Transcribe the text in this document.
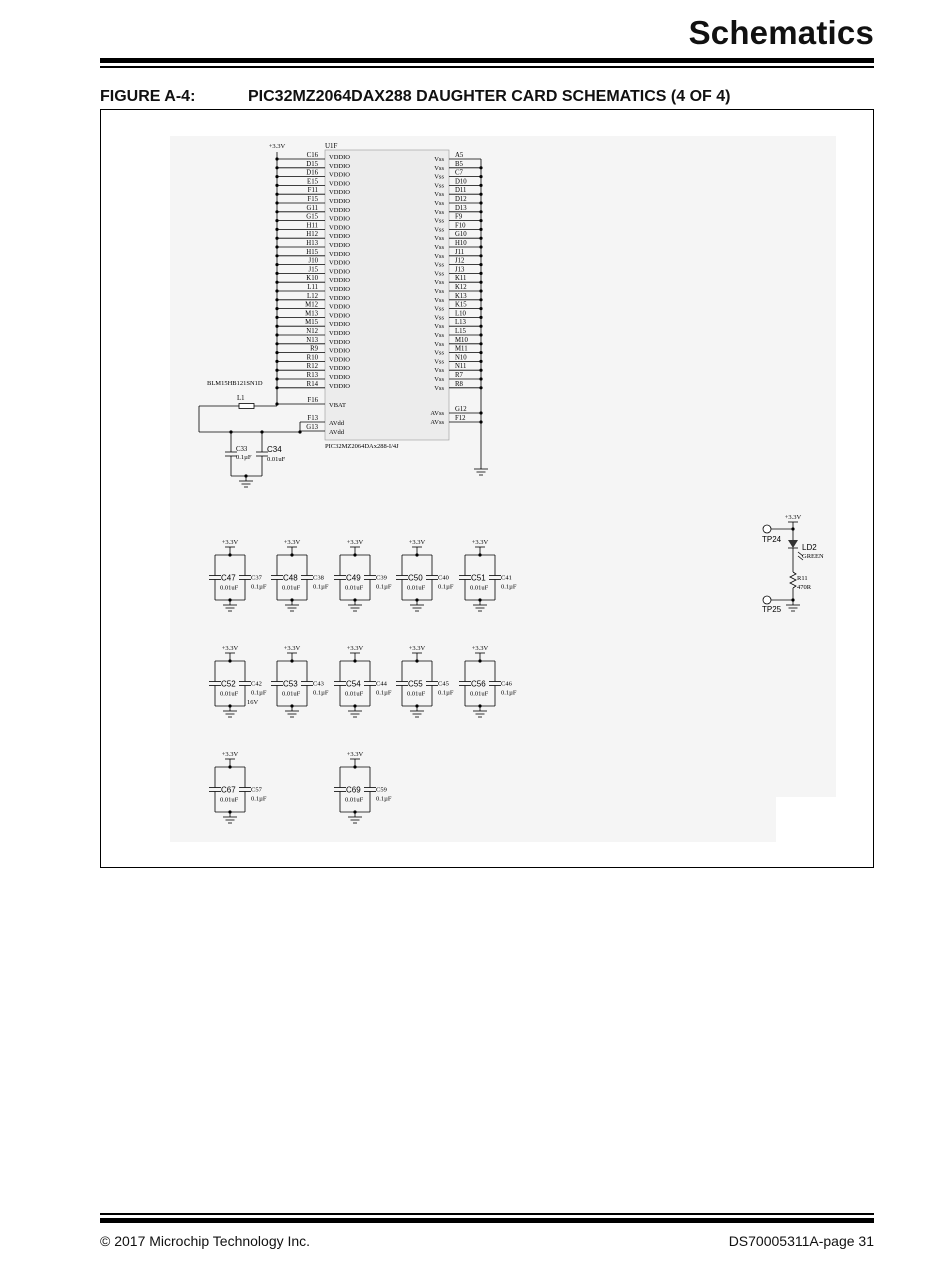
Schematics
FIGURE A-4:	PIC32MZ2064DAX288 DAUGHTER CARD SCHEMATICS (4 OF 4)
U1F
PIC32MZ2064DAx288-I/4J
+3.3V
C16 VDDIO
D15 VDDIO
D16 VDDIO
E15 VDDIO
F11 VDDIO
F15 VDDIO
G11 VDDIO
G15 VDDIO
H11 VDDIO
H12 VDDIO
H13 VDDIO
H15 VDDIO
J10 VDDIO
J15 VDDIO
K10 VDDIO
L11 VDDIO
L12 VDDIO
M12 VDDIO
M13 VDDIO
M15 VDDIO
N12 VDDIO
N13 VDDIO
R9 VDDIO
R10 VDDIO
R12 VDDIO
R13 VDDIO
R14 VDDIO
A5
Vss
B5
Vss
C7
Vss
D10
Vss
D11
Vss
D12
Vss
D13
Vss
F9
Vss
F10
Vss
G10
Vss
H10
Vss
J11
Vss
J12
Vss
J13
Vss
K11
Vss
K12
Vss
K13
Vss
K15
Vss
L10
Vss
L13
Vss
L15
Vss
M10
Vss
M11
Vss
N10
Vss
N11
Vss
R7
Vss
R8
Vss
G12
AVss
F12
AVss
F16
VBAT
BLM15HB121SN1D
L1
F13
AVdd
G13
AVdd
C33
0.1µF
C34
0.01uF
+3.3V
C47
0.01uF
C37
0.1µF
+3.3V
C48
0.01uF
C38
0.1µF
+3.3V
C49
0.01uF
C39
0.1µF
+3.3V
C50
0.01uF
C40
0.1µF
+3.3V
C51
0.01uF
C41
0.1µF
+3.3V
C52
0.01uF
C42
0.1µF
+3.3V
C53
0.01uF
C43
0.1µF
+3.3V
C54
0.01uF
C44
0.1µF
+3.3V
C55
0.01uF
C45
0.1µF
+3.3V
C56
0.01uF
C46
0.1µF
+3.3V
C67
0.01uF
C57
0.1µF
+3.3V
C69
0.01uF
C59
0.1µF
16V
+3.3V
TP24
LD2
GREEN
R11
470R
TP25
© 2017 Microchip Technology Inc.	DS70005311A-page 31
